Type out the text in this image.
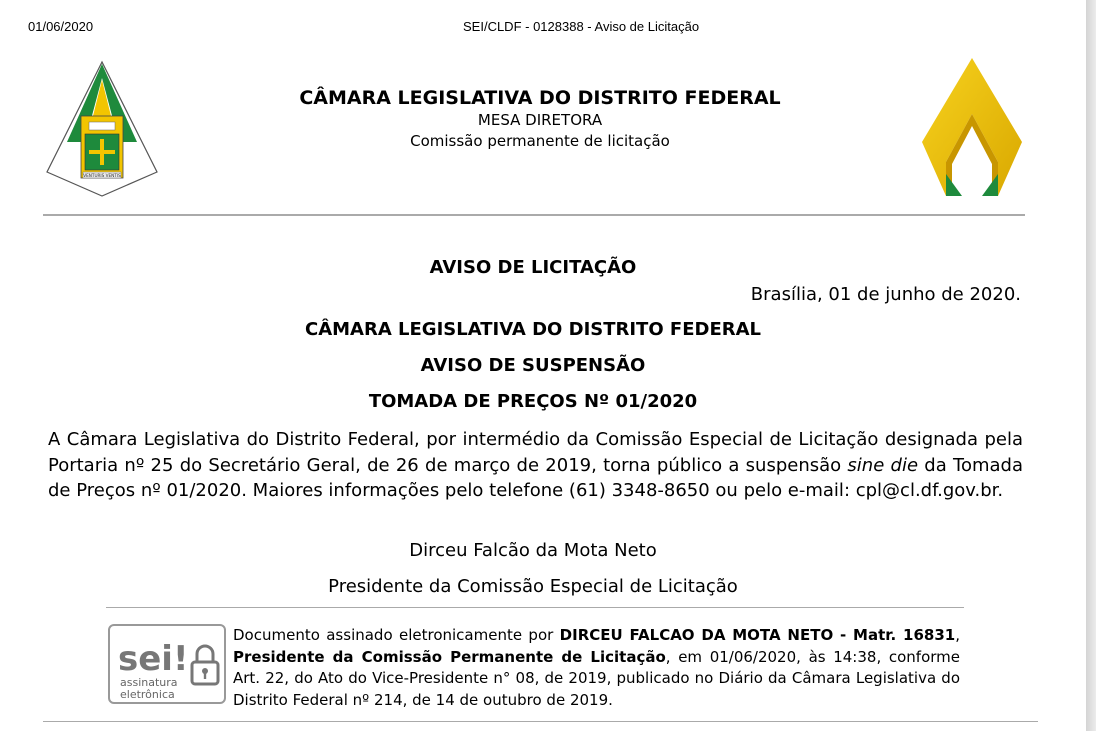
01/06/2020	SEI/CLDF - 0128388 - Aviso de Licitação
VENTURIS VENTIS
CÂMARA LEGISLATIVA DO DISTRITO FEDERAL
MESA DIRETORA
Comissão permanente de licitação
AVISO DE LICITAÇÃO
Brasília, 01 de junho de 2020.
CÂMARA LEGISLATIVA DO DISTRITO FEDERAL
AVISO DE SUSPENSÃO
TOMADA DE PREÇOS Nº 01/2020
A Câmara Legislativa do Distrito Federal, por intermédio da Comissão Especial de Licitação designada pela Portaria nº 25 do Secretário Geral, de 26 de março de 2019, torna público a suspensão sine die da Tomada de Preços nº 01/2020. Maiores informações pelo telefone (61) 3348-8650 ou pelo e-mail: cpl@cl.df.gov.br.
Dirceu Falcão da Mota Neto
Presidente da Comissão Especial de Licitação
sei!
assinatura
eletrônica
Documento assinado eletronicamente por DIRCEU FALCAO DA MOTA NETO - Matr. 16831, Presidente da Comissão Permanente de Licitação, em 01/06/2020, às 14:38, conforme Art. 22, do Ato do Vice-Presidente n° 08, de 2019, publicado no Diário da Câmara Legislativa do Distrito Federal nº 214, de 14 de outubro de 2019.
